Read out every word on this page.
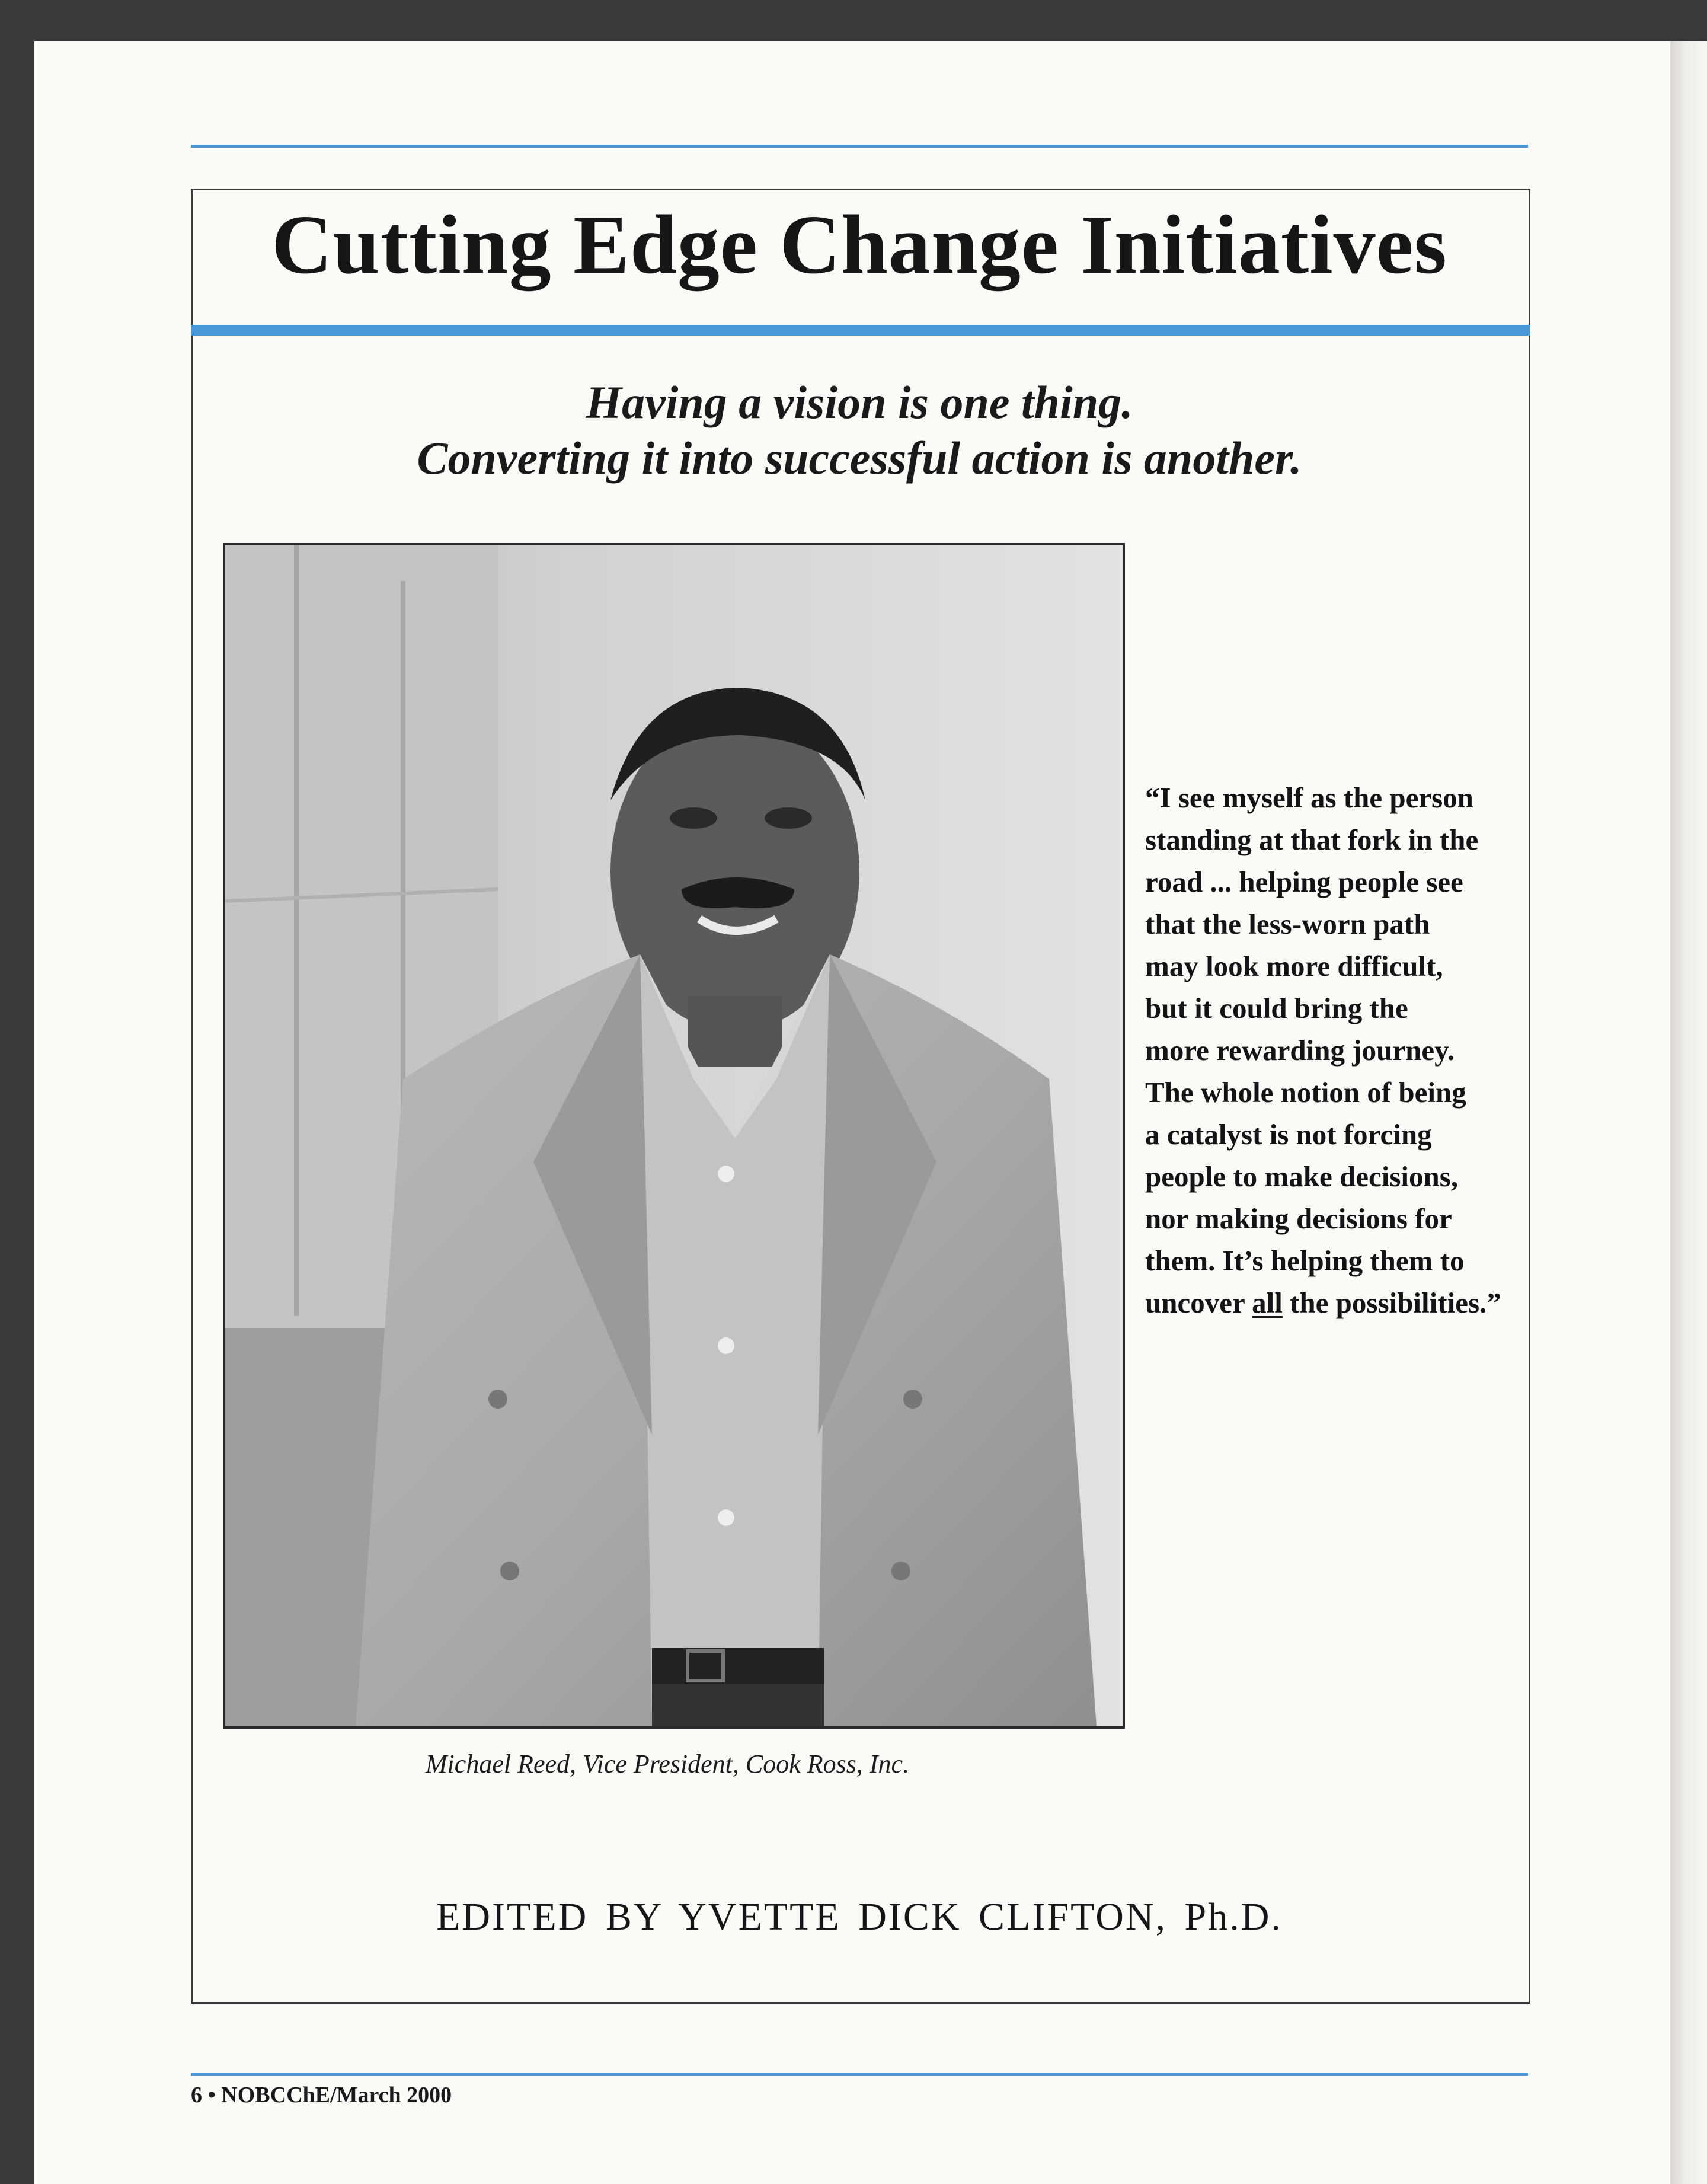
Cutting Edge Change Initiatives
Having a vision is one thing.
Converting it into successful action is another.
“I see myself as the person
standing at that fork in the
road ... helping people see
that the less-worn path
may look more difficult,
but it could bring the
more rewarding journey.
The whole notion of being
a catalyst is not forcing
people to make decisions,
nor making decisions for
them. It’s helping them to
uncover all the possibilities.”
Michael Reed, Vice President, Cook Ross, Inc.
EDITED BY YVETTE DICK CLIFTON, Ph.D.
6 • NOBCChE/March 2000
